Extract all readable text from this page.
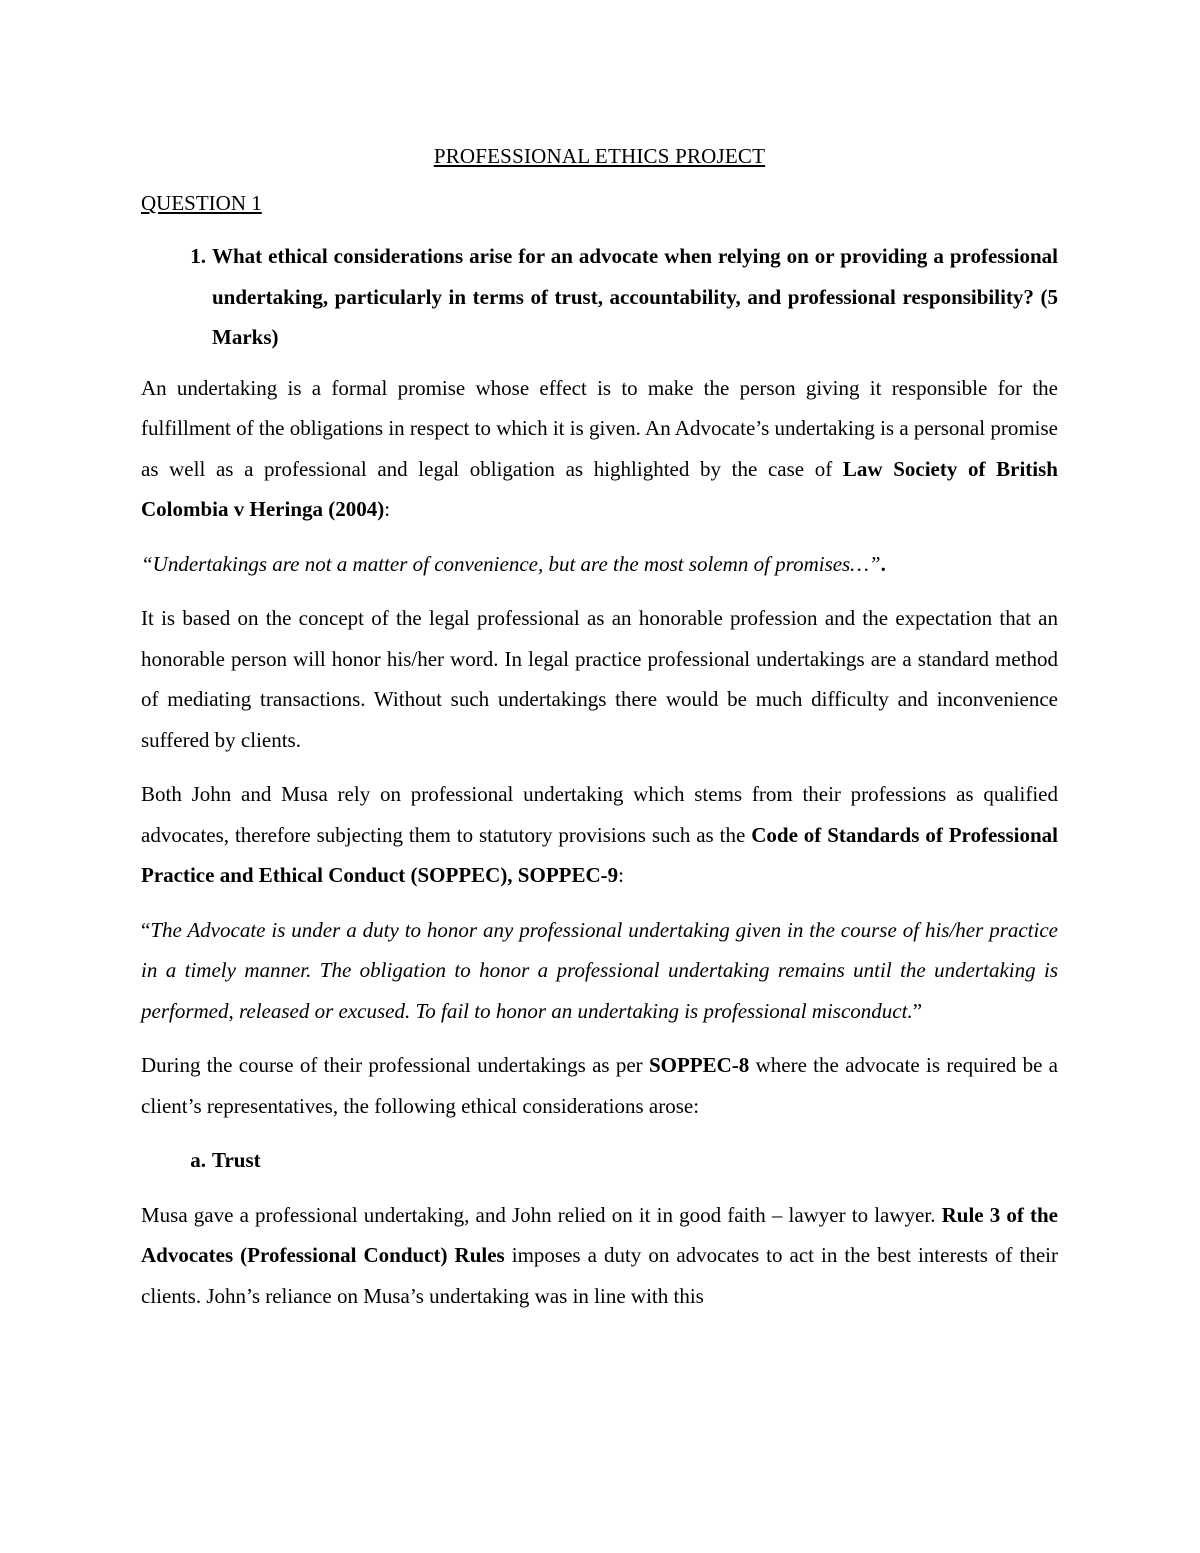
PROFESSIONAL ETHICS PROJECT
QUESTION 1
1. What ethical considerations arise for an advocate when relying on or providing a professional undertaking, particularly in terms of trust, accountability, and professional responsibility? (5 Marks)

An undertaking is a formal promise whose effect is to make the person giving it responsible for the fulfillment of the obligations in respect to which it is given. An Advocate’s undertaking is a personal promise as well as a professional and legal obligation as highlighted by the case of Law Society of British Colombia v Heringa (2004):

“Undertakings are not a matter of convenience, but are the most solemn of promises…”.

It is based on the concept of the legal professional as an honorable profession and the expectation that an honorable person will honor his/her word. In legal practice professional undertakings are a standard method of mediating transactions. Without such undertakings there would be much difficulty and inconvenience suffered by clients.

Both John and Musa rely on professional undertaking which stems from their professions as qualified advocates, therefore subjecting them to statutory provisions such as the Code of Standards of Professional Practice and Ethical Conduct (SOPPEC), SOPPEC-9:

“The Advocate is under a duty to honor any professional undertaking given in the course of his/her practice in a timely manner. The obligation to honor a professional undertaking remains until the undertaking is performed, released or excused. To fail to honor an undertaking is professional misconduct.”

During the course of their professional undertakings as per SOPPEC-8 where the advocate is required be a client’s representatives, the following ethical considerations arose:

a. Trust

Musa gave a professional undertaking, and John relied on it in good faith – lawyer to lawyer. Rule 3 of the Advocates (Professional Conduct) Rules imposes a duty on advocates to act in the best interests of their clients. John’s reliance on Musa’s undertaking was in line with this
